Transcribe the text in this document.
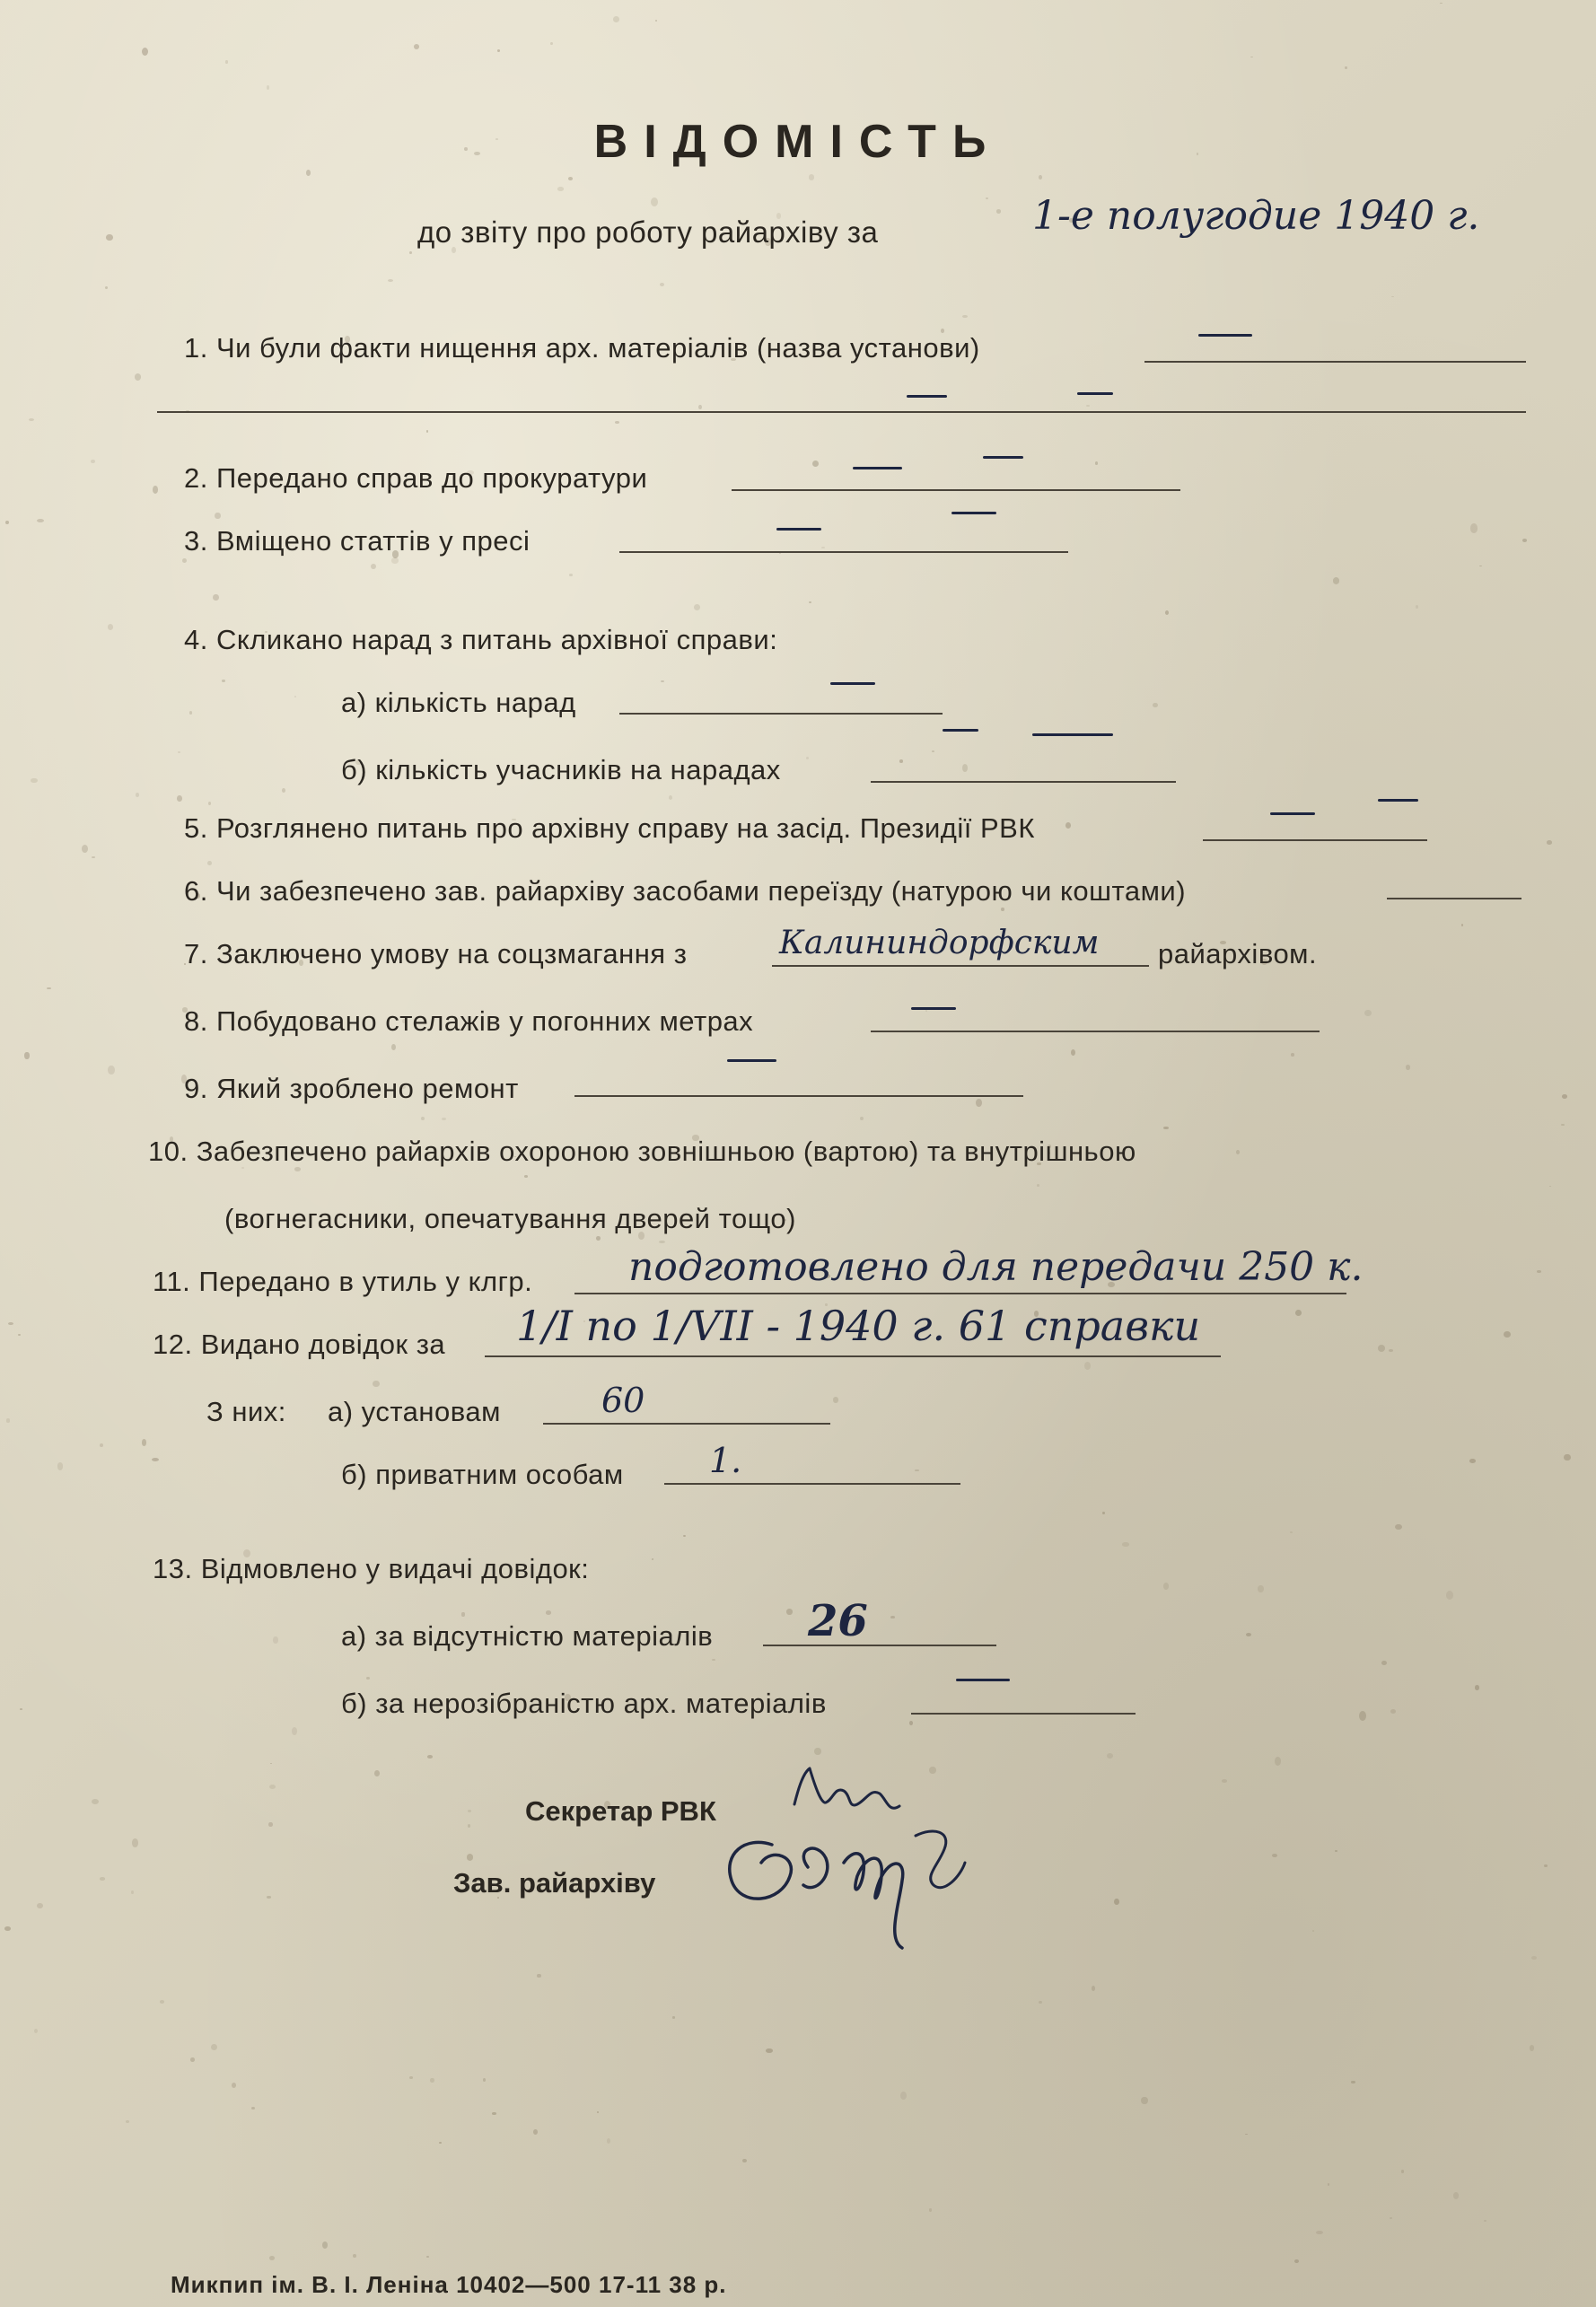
ВІДОМІСТЬ
до звіту про роботу райархіву за	1-е полугодие 1940 г.
1. Чи були факти нищення арх. матеріалів (назва установи)
2. Передано справ до прокуратури
3. Вміщено статтів у пресі
4. Скликано нарад з питань архівної справи:
а) кількість нарад
б) кількість учасників на нарадах
5. Розглянено питань про архівну справу на засід. Президії РВК
6. Чи забезпечено зав. райархіву засобами переїзду (натурою чи коштами)
7. Заключено умову на соцзмагання з	Калининдорфским райархівом.
8. Побудовано стелажів у погонних метрах
9. Який зроблено ремонт
10. Забезпечено райархів охороною зовнішньою (вартою) та внутрішньою
(вогнегасники, опечатування дверей тощо)
11. Передано в утиль у клгр. подготовлено для передачи 250 к.
12. Видано довідок за 1/I по 1/VII - 1940 г. 61 справки
З них: а) установам	60
б) приватним особам	1.
13. Відмовлено у видачі довідок:
а) за відсутністю матеріалів 26
б) за нерозібраністю арх. матеріалів
Секретар РВК
Зав. райархіву
Микпип ім. В. І. Леніна 10402—500 17-11 38 р.
